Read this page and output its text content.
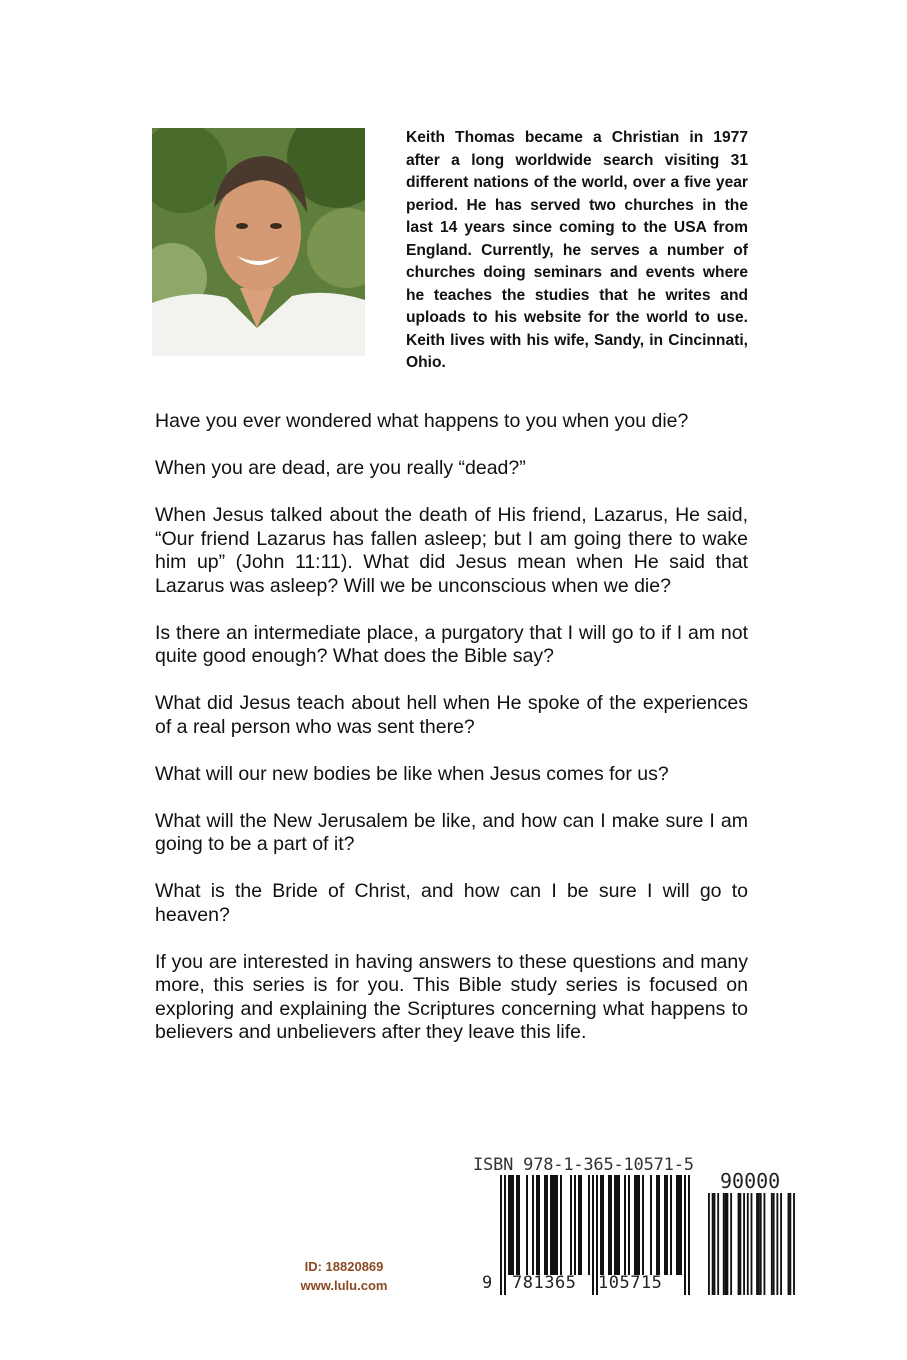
Keith Thomas became a Christian in 1977 after a long worldwide search visiting 31 different nations of the world, over a five year period. He has served two churches in the last 14 years since coming to the USA from England. Currently, he serves a number of churches doing seminars and events where he teaches the studies that he writes and uploads to his website for the world to use. Keith lives with his wife, Sandy, in Cincinnati, Ohio.

Have you ever wondered what happens to you when you die?

When you are dead, are you really “dead?”

When Jesus talked about the death of His friend, Lazarus, He said, “Our friend Lazarus has fallen asleep; but I am going there to wake him up” (John 11:11). What did Jesus mean when He said that Lazarus was asleep? Will we be unconscious when we die?

Is there an intermediate place, a purgatory that I will go to if I am not quite good enough? What does the Bible say?

What did Jesus teach about hell when He spoke of the experiences of a real person who was sent there?

What will our new bodies be like when Jesus comes for us?

What will the New Jerusalem be like, and how can I make sure I am going to be a part of it?

What is the Bride of Christ, and how can I be sure I will go to heaven?

If you are interested in having answers to these questions and many more, this series is for you. This Bible study series is focused on exploring and explaining the Scriptures concerning what happens to believers and unbelievers after they leave this life.

ID: 18820869
www.lulu.com
ISBN 978-1-365-10571-5
90000
9 781365 105715
